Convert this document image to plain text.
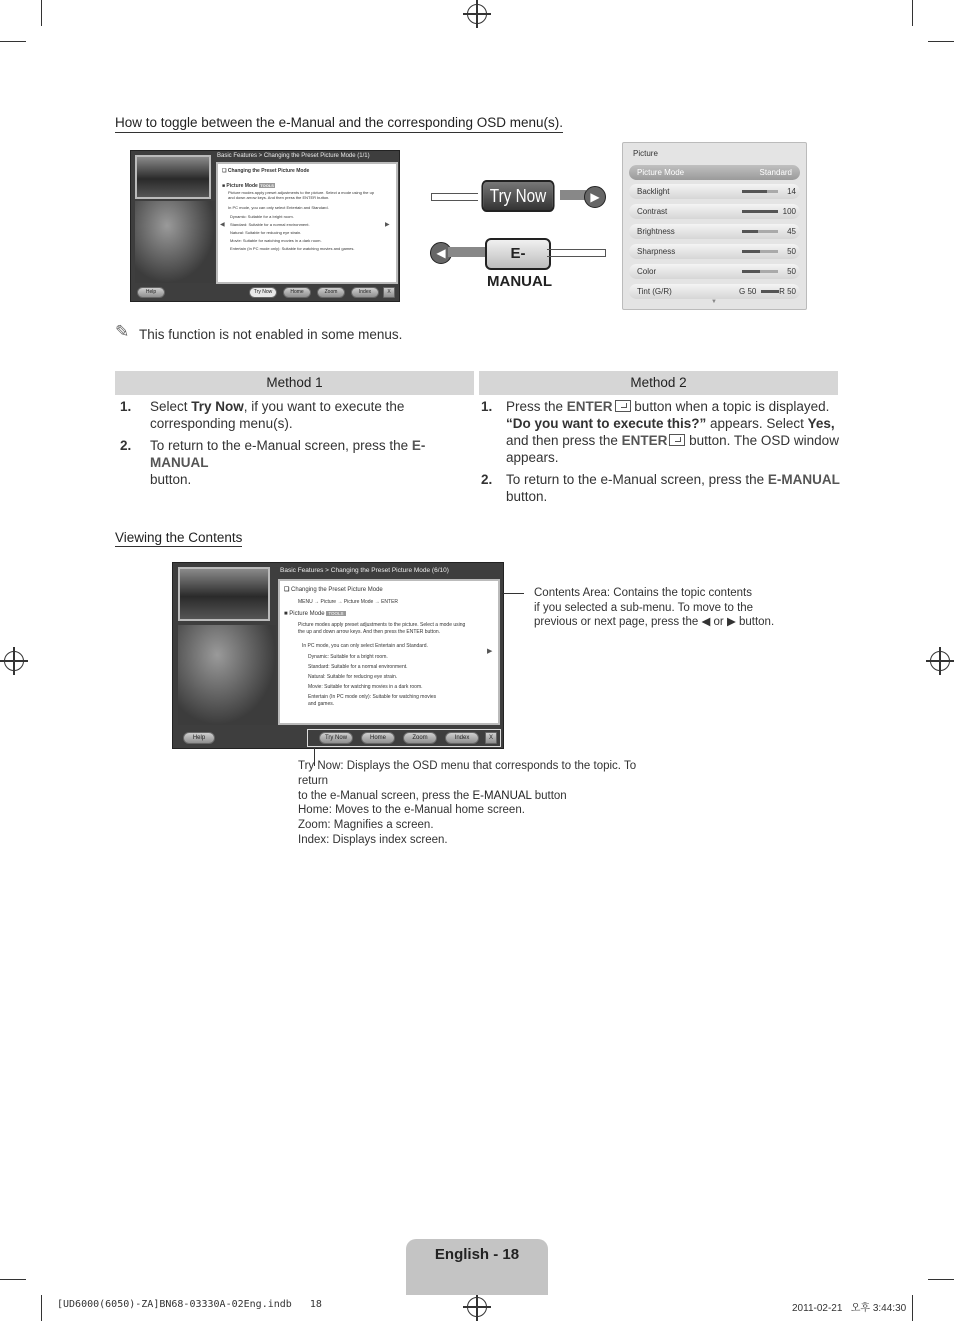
How to toggle between the e-Manual and the corresponding OSD menu(s).
Basic Features > Changing the Preset Picture Mode (1/1)
❑ Changing the Preset Picture Mode
■ Picture Mode TOOLS
Picture modes apply preset adjustments to the picture. Select a mode using the up and down arrow keys. And then press the ENTER button.
In PC mode, you can only select Entertain and Standard.
Dynamic: Suitable for a bright room.
Standard: Suitable for a normal environment.
Natural: Suitable for reducing eye strain.
Movie: Suitable for watching movies in a dark room.
Entertain (In PC mode only): Suitable for watching movies and games.
◀	▶
Help	Try Now	Home	Zoom	Index	X
Try Now	▶
◀	E-MANUAL
Picture
Picture Mode	Standard
Backlight	14
Contrast	100
Brightness	45
Sharpness	50
Color	50
Tint (G/R)	G 50	R 50
▼
✎ This function is not enabled in some menus.
Method 1	Method 2
1. Select Try Now, if you want to execute the
corresponding menu(s).
2. To return to the e-Manual screen, press the E-MANUAL
button.
1. Press the ENTER button when a topic is displayed.
“Do you want to execute this?” appears. Select Yes,
and then press the ENTER button. The OSD window
appears.
2. To return to the e-Manual screen, press the E-MANUAL
button.
Viewing the Contents
Basic Features > Changing the Preset Picture Mode (6/10)
❑ Changing the Preset Picture Mode
MENU → Picture → Picture Mode → ENTER
■ Picture Mode TOOLS
Picture modes apply preset adjustments to the picture. Select a mode using
the up and down arrow keys. And then press the ENTER button.
In PC mode, you can only select Entertain and Standard.
Dynamic: Suitable for a bright room.
Standard: Suitable for a normal environment.
Natural: Suitable for reducing eye strain.
Movie: Suitable for watching movies in a dark room.
Entertain (In PC mode only): Suitable for watching movies
and games.
▶
Help	Try Now	Home	Zoom	Index	X
Contents Area: Contains the topic contents
if you selected a sub-menu. To move to the
previous or next page, press the ◀ or ▶ button.
Try Now: Displays the OSD menu that corresponds to the topic. To return
to the e-Manual screen, press the E-MANUAL button
Home: Moves to the e-Manual home screen.
Zoom: Magnifies a screen.
Index: Displays index screen.
English - 18
[UD6000(6050)-ZA]BN68-03330A-02Eng.indb   18	2011-02-21   오후 3:44:30
